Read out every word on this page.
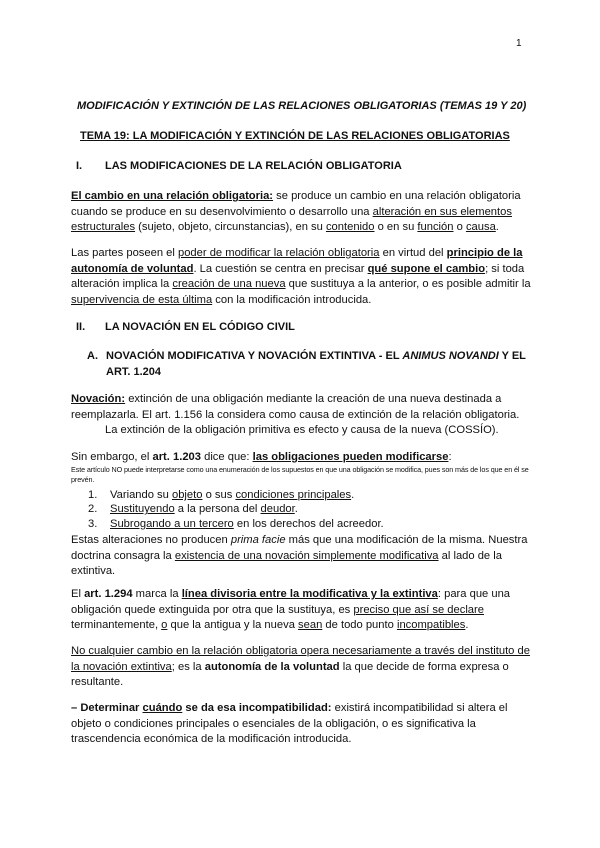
1
MODIFICACIÓN Y EXTINCIÓN DE LAS RELACIONES OBLIGATORIAS (TEMAS 19 Y 20)
TEMA 19: LA MODIFICACIÓN Y EXTINCIÓN DE LAS RELACIONES OBLIGATORIAS
I. LAS MODIFICACIONES DE LA RELACIÓN OBLIGATORIA
El cambio en una relación obligatoria: se produce un cambio en una relación obligatoria cuando se produce en su desenvolvimiento o desarrollo una alteración en sus elementos estructurales (sujeto, objeto, circunstancias), en su contenido o en su función o causa.
Las partes poseen el poder de modificar la relación obligatoria en virtud del principio de la autonomía de voluntad. La cuestión se centra en precisar qué supone el cambio; si toda alteración implica la creación de una nueva que sustituya a la anterior, o es posible admitir la supervivencia de esta última con la modificación introducida.
II. LA NOVACIÓN EN EL CÓDIGO CIVIL
A. NOVACIÓN MODIFICATIVA Y NOVACIÓN EXTINTIVA - EL ANIMUS NOVANDI Y EL ART. 1.204
Novación: extinción de una obligación mediante la creación de una nueva destinada a reemplazarla. El art. 1.156 la considera como causa de extinción de la relación obligatoria.
La extinción de la obligación primitiva es efecto y causa de la nueva (COSSÍO).
Sin embargo, el art. 1.203 dice que: las obligaciones pueden modificarse:
Este artículo NO puede interpretarse como una enumeración de los supuestos en que una obligación se modifica, pues son más de los que en él se prevén.
1. Variando su objeto o sus condiciones principales.
2. Sustituyendo a la persona del deudor.
3. Subrogando a un tercero en los derechos del acreedor.
Estas alteraciones no producen prima facie más que una modificación de la misma. Nuestra doctrina consagra la existencia de una novación simplemente modificativa al lado de la extintiva.
El art. 1.294 marca la línea divisoria entre la modificativa y la extintiva: para que una obligación quede extinguida por otra que la sustituya, es preciso que así se declare terminantemente, o que la antigua y la nueva sean de todo punto incompatibles.
No cualquier cambio en la relación obligatoria opera necesariamente a través del instituto de la novación extintiva; es la autonomía de la voluntad la que decide de forma expresa o resultante.
– Determinar cuándo se da esa incompatibilidad: existirá incompatibilidad si altera el objeto o condiciones principales o esenciales de la obligación, o es significativa la trascendencia económica de la modificación introducida.
